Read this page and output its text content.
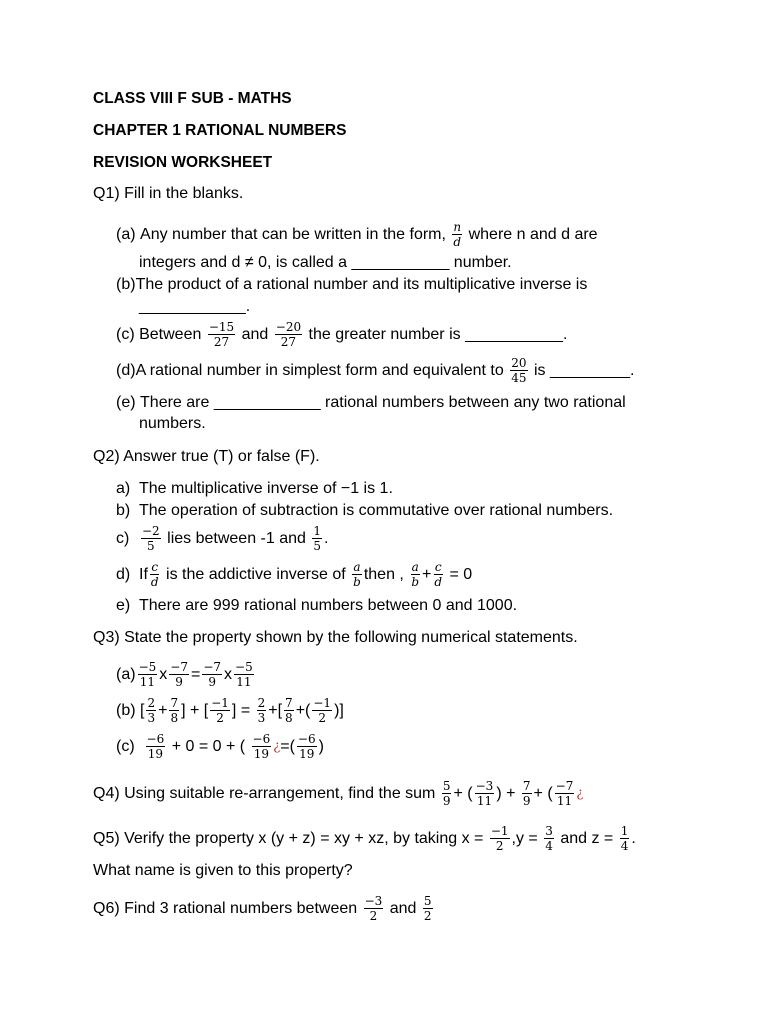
CLASS VIII F SUB - MATHS
CHAPTER 1 RATIONAL NUMBERS
REVISION WORKSHEET
Q1) Fill in the blanks.
(a)
Any number that can be written in the form,
$\frac{n}{d}$
where n and d are
integers and d ≠ 0, is called a ___________ number.
(b) The product of a rational number and its multiplicative inverse is
____________.
(c)
Between
$\frac{-15}{27}$
and
$\frac{-20}{27}$
the greater number is ___________.
(d) A rational number in simplest form and equivalent to
$\frac{20}{45}$
is _________.
(e)
There are ____________ rational numbers between any two rational
numbers.
Q2) Answer true (T) or false (F).
a) The multiplicative inverse of −1 is 1.
b) The operation of subtraction is commutative over rational numbers.
$c) \frac{-2}{5}$
lies between -1 and
$\frac{1}{5}$ .
d) If $\frac{c}{d}$
is the addictive inverse of
$\frac{a}{b}$ then ,
$\frac{a}{b} + \frac{c}{d}$
= 0
e) There are 999 rational numbers between 0 and 1000.
Q3) State the property shown by the following numerical statements.
$(a) \frac{-5}{11}$ x $\frac{-7}{9} = \frac{-7}{9}$ x $\frac{-5}{11}$
(b)
[ $\frac{2}{3} + \frac{7}{8}$ ] + [ $\frac{-1}{2}$ ] =
$\frac{2}{3}$ +[ $\frac{7}{8}$ +( $\frac{-1}{2}$ )]
(c)
$\frac{-6}{19}$
+ 0 = 0 + (
$\frac{-6}{19}$ ¿ =( $\frac{-6}{19}$ )
Q4) Using suitable re-arrangement, find the sum
$\frac{5}{9}$ + ( $\frac{-3}{11}$ ) +
$\frac{7}{9}$ + ( $\frac{-7}{11}$ ¿
Q5) Verify the property x (y + z) = xy + xz, by taking x =
$\frac{-1}{2} ,y$ =
$\frac{3}{4}$
and z =
$\frac{1}{4}$ .
What name is given to this property?
Q6) Find 3 rational numbers between
$\frac{-3}{2}$
and
$\frac{5}{2}$
